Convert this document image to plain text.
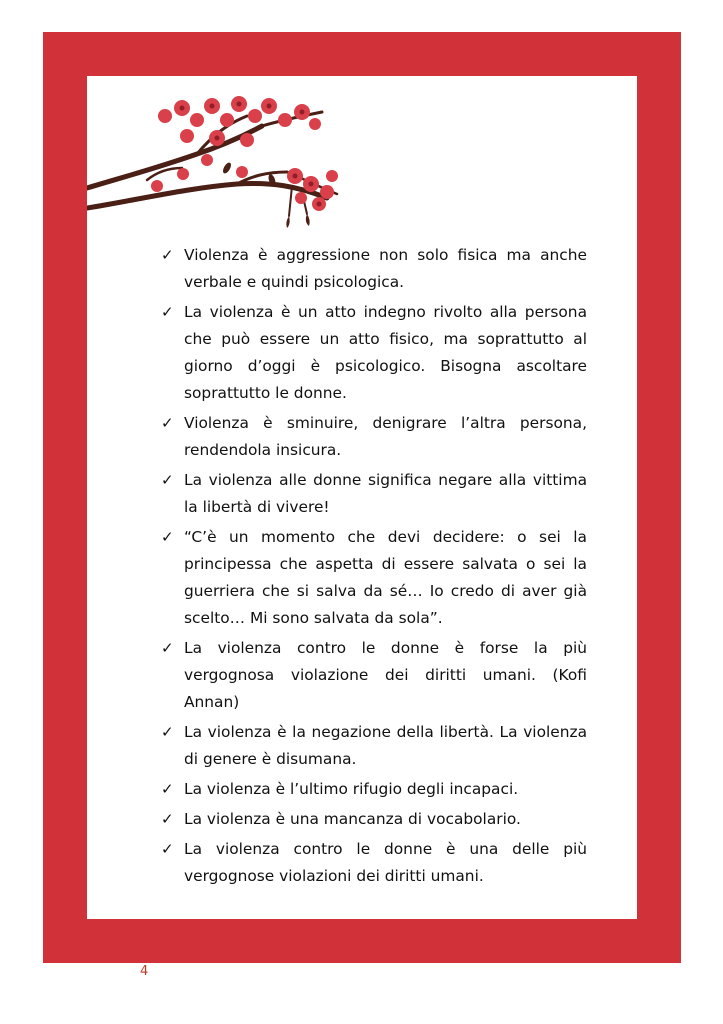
✓ Violenza è aggressione non solo fisica ma anche verbale e quindi psicologica.
✓ La violenza è un atto indegno rivolto alla persona che può essere un atto fisico, ma soprattutto al giorno d’oggi è psicologico. Bisogna ascoltare soprattutto le donne.
✓ Violenza è sminuire, denigrare l’altra persona, rendendola insicura.
✓ La violenza alle donne significa negare alla vittima la libertà di vivere!
✓ “C’è un momento che devi decidere: o sei la principessa che aspetta di essere salvata o sei la guerriera che si salva da sé… Io credo di aver già scelto… Mi sono salvata da sola”.
✓ La violenza contro le donne è forse la più vergognosa violazione dei diritti umani. (Kofi Annan)
✓ La violenza è la negazione della libertà. La violenza di genere è disumana.
✓ La violenza è l’ultimo rifugio degli incapaci.
✓ La violenza è una mancanza di vocabolario.
✓ La violenza contro le donne è una delle più vergognose violazioni dei diritti umani.
4
